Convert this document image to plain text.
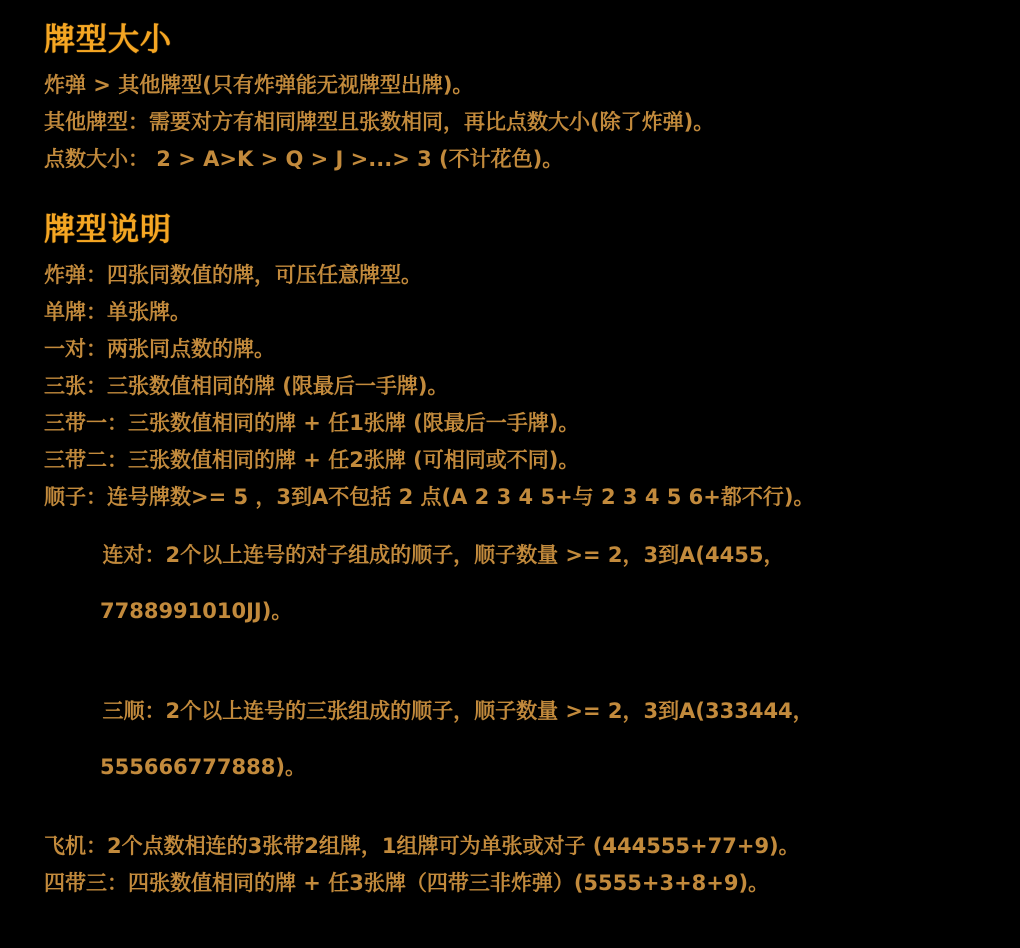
牌型大小

炸弹 > 其他牌型(只有炸弹能无视牌型出牌)。

其他牌型：需要对方有相同牌型且张数相同，再比点数大小(除了炸弹)。

点数大小： 2 > A>K > Q > J >...> 3 (不计花色)。

牌型说明

炸弹：四张同数值的牌，可压任意牌型。

单牌：单张牌。

一对：两张同点数的牌。

三张：三张数值相同的牌 (限最后一手牌)。

三带一：三张数值相同的牌 + 任1张牌 (限最后一手牌)。

三带二：三张数值相同的牌 + 任2张牌 (可相同或不同)。

顺子：连号牌数>= 5 ，3到A不包括 2 点(A 2 3 4 5+与 2 3 4 5 6+都不行)。

连对：2个以上连号的对子组成的顺子，顺子数量 >= 2，3到A(4455，

7788991010JJ)。

三顺：2个以上连号的三张组成的顺子，顺子数量 >= 2，3到A(333444，

555666777888)。

飞机：2个点数相连的3张带2组牌，1组牌可为单张或对子 (444555+77+9)。

四带三：四张数值相同的牌 + 任3张牌（四带三非炸弹）(5555+3+8+9)。
